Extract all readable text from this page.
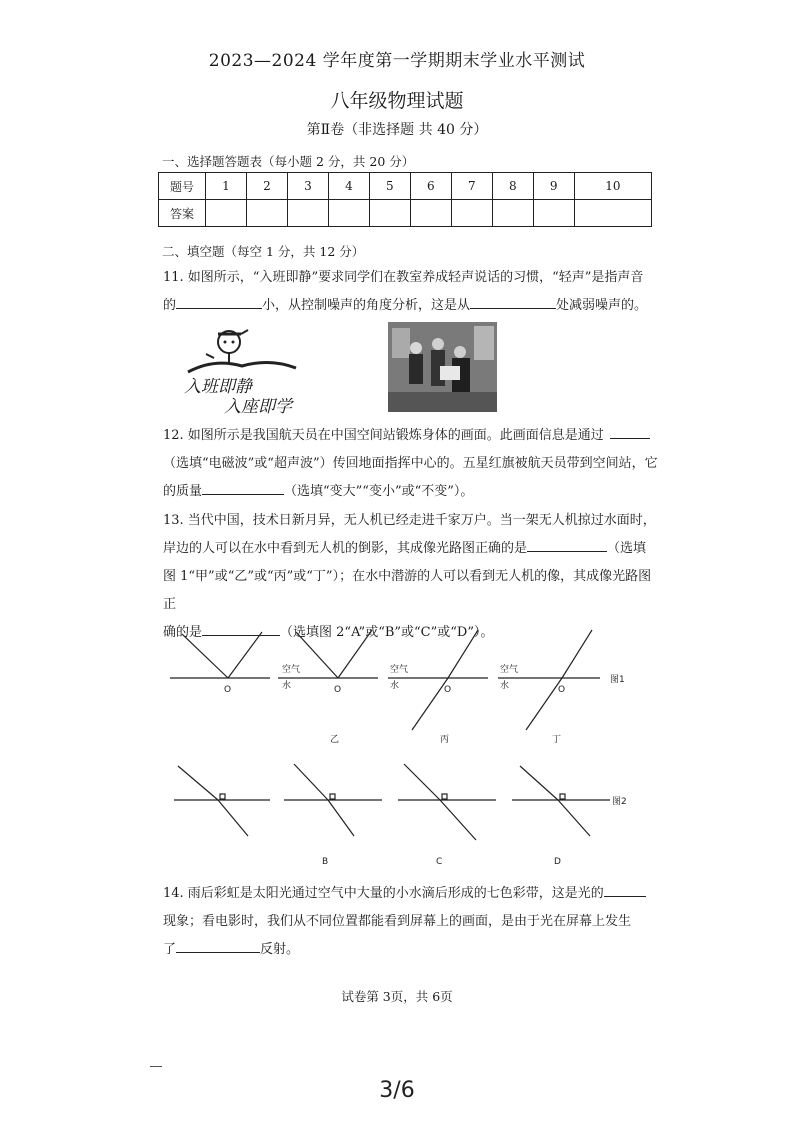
2023—2024 学年度第一学期期末学业水平测试
八年级物理试题
第Ⅱ卷（非选择题 共 40 分）
一、选择题答题表（每小题 2 分，共 20 分）
题号	1	2	3	4	5	6	7	8	9	10
答案										
二、填空题（每空 1 分，共 12 分）
11. 如图所示，“入班即静”要求同学们在教室养成轻声说话的习惯，“轻声”是指声音
的	小，从控制噪声的角度分析，这是从	处减弱噪声的。
入班即静
入座即学
12. 如图所示是我国航天员在中国空间站锻炼身体的画面。此画面信息是通过
（选填“电磁波”或“超声波”）传回地面指挥中心的。五星红旗被航天员带到空间站，它
的质量	（选填“变大”“变小”或“不变”）。
13. 当代中国，技术日新月异，无人机已经走进千家万户。当一架无人机掠过水面时，
岸边的人可以在水中看到无人机的倒影，其成像光路图正确的是	（选填
图 1“甲”或“乙”或“丙”或“丁”）；在水中潜游的人可以看到无人机的像，其成像光路图正
确的是	（选填图 2“A”或“B”或“C”或“D”）。
O	O	O	O
空气
水
空气
水
空气
水
图1
乙	丙	丁
图2
B	C	D
14. 雨后彩虹是太阳光通过空气中大量的小水滴后形成的七色彩带，这是光的
现象；看电影时，我们从不同位置都能看到屏幕上的画面，是由于光在屏幕上发生
了	反射。
试卷第 3页，共 6页
3/6
